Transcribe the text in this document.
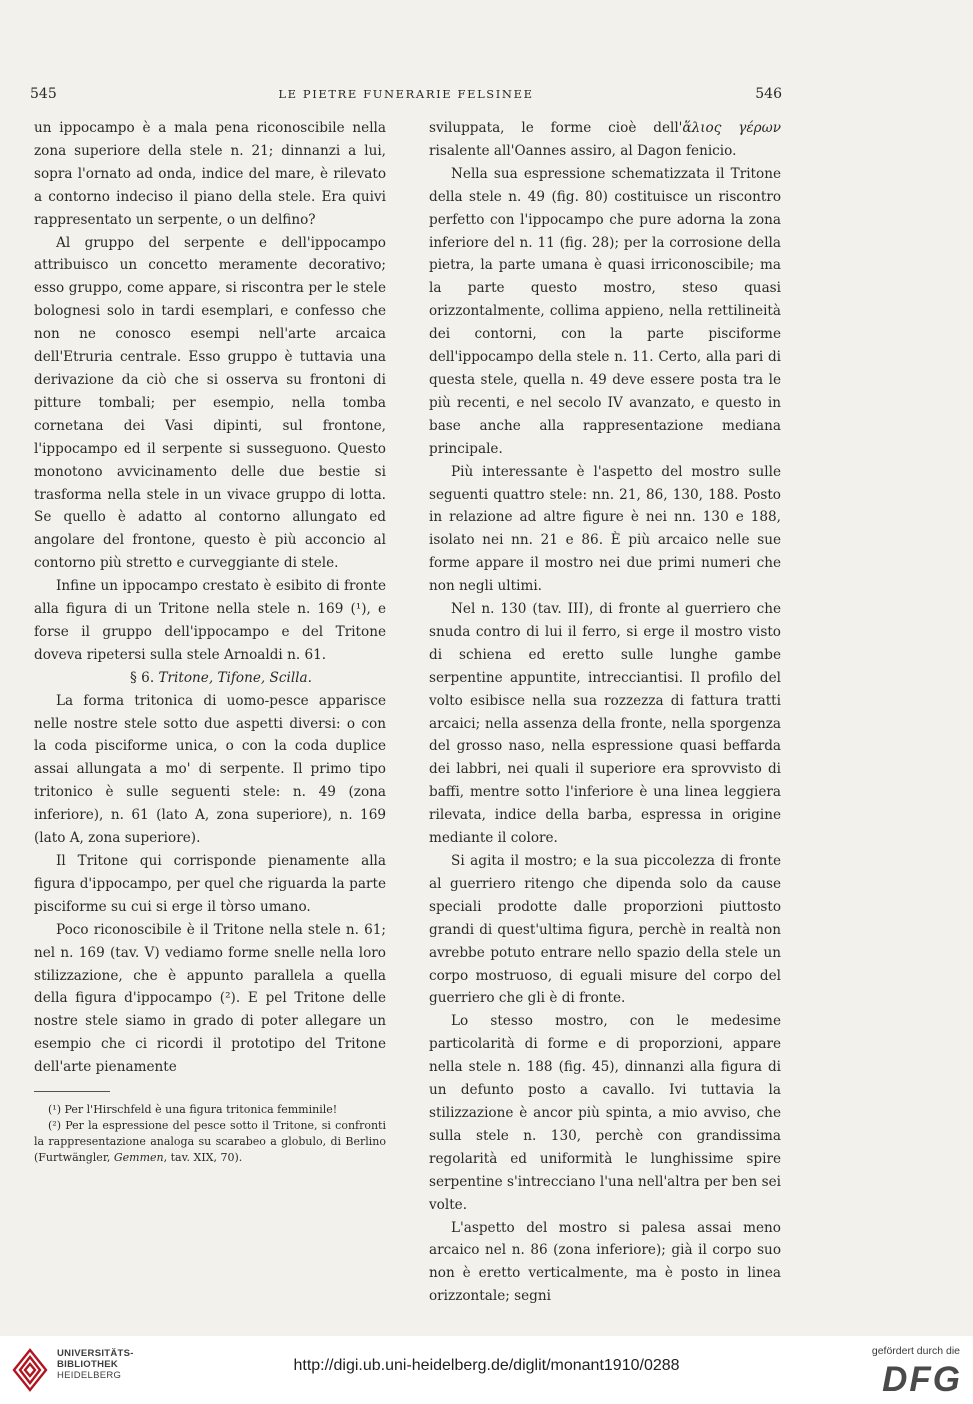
545	LE PIETRE FUNERARIE FELSINEE	546

un ippocampo è a mala pena riconoscibile nella zona superiore della stele n. 21; dinnanzi a lui, sopra l'ornato ad onda, indice del mare, è rilevato a contorno indeciso il piano della stele. Era quivi rappresentato un serpente, o un delfino?

Al gruppo del serpente e dell'ippocampo attribuisco un concetto meramente decorativo; esso gruppo, come appare, si riscontra per le stele bolognesi solo in tardi esemplari, e confesso che non ne conosco esempi nell'arte arcaica dell'Etruria centrale. Esso gruppo è tuttavia una derivazione da ciò che si osserva su frontoni di pitture tombali; per esempio, nella tomba cornetana dei Vasi dipinti, sul frontone, l'ippocampo ed il serpente si susseguono. Questo monotono avvicinamento delle due bestie si trasforma nella stele in un vivace gruppo di lotta. Se quello è adatto al contorno allungato ed angolare del frontone, questo è più acconcio al contorno più stretto e curveggiante di stele.

Infine un ippocampo crestato è esibito di fronte alla figura di un Tritone nella stele n. 169 (¹), e forse il gruppo dell'ippocampo e del Tritone doveva ripetersi sulla stele Arnoaldi n. 61.

§ 6. Tritone, Tifone, Scilla.

La forma tritonica di uomo-pesce apparisce nelle nostre stele sotto due aspetti diversi: o con la coda pisciforme unica, o con la coda duplice assai allungata a mo' di serpente. Il primo tipo tritonico è sulle seguenti stele: n. 49 (zona inferiore), n. 61 (lato A, zona superiore), n. 169 (lato A, zona superiore).

Il Tritone qui corrisponde pienamente alla figura d'ippocampo, per quel che riguarda la parte pisciforme su cui si erge il tòrso umano.

Poco riconoscibile è il Tritone nella stele n. 61; nel n. 169 (tav. V) vediamo forme snelle nella loro stilizzazione, che è appunto parallela a quella della figura d'ippocampo (²). E pel Tritone delle nostre stele siamo in grado di poter allegare un esempio che ci ricordi il prototipo del Tritone dell'arte pienamente

(¹) Per l'Hirschfeld è una figura tritonica femminile!

(²) Per la espressione del pesce sotto il Tritone, si confronti la rappresentazione analoga su scarabeo a globulo, di Berlino (Furtwängler, Gemmen, tav. XIX, 70).

sviluppata, le forme cioè dell'ἅλιος γέρων risalente all'Oannes assiro, al Dagon fenicio.

Nella sua espressione schematizzata il Tritone della stele n. 49 (fig. 80) costituisce un riscontro perfetto con l'ippocampo che pure adorna la zona inferiore del n. 11 (fig. 28); per la corrosione della pietra, la parte umana è quasi irriconoscibile; ma la parte questo mostro, steso quasi orizzontalmente, collima appieno, nella rettilineità dei contorni, con la parte pisciforme dell'ippocampo della stele n. 11. Certo, alla pari di questa stele, quella n. 49 deve essere posta tra le più recenti, e nel secolo IV avanzato, e questo in base anche alla rappresentazione mediana principale.

Più interessante è l'aspetto del mostro sulle seguenti quattro stele: nn. 21, 86, 130, 188. Posto in relazione ad altre figure è nei nn. 130 e 188, isolato nei nn. 21 e 86. È più arcaico nelle sue forme appare il mostro nei due primi numeri che non negli ultimi.

Nel n. 130 (tav. III), di fronte al guerriero che snuda contro di lui il ferro, si erge il mostro visto di schiena ed eretto sulle lunghe gambe serpentine appuntite, intrecciantisi. Il profilo del volto esibisce nella sua rozzezza di fattura tratti arcaici; nella assenza della fronte, nella sporgenza del grosso naso, nella espressione quasi beffarda dei labbri, nei quali il superiore era sprovvisto di baffi, mentre sotto l'inferiore è una linea leggiera rilevata, indice della barba, espressa in origine mediante il colore.

Si agita il mostro; e la sua piccolezza di fronte al guerriero ritengo che dipenda solo da cause speciali prodotte dalle proporzioni piuttosto grandi di quest'ultima figura, perchè in realtà non avrebbe potuto entrare nello spazio della stele un corpo mostruoso, di eguali misure del corpo del guerriero che gli è di fronte.

Lo stesso mostro, con le medesime particolarità di forme e di proporzioni, appare nella stele n. 188 (fig. 45), dinnanzi alla figura di un defunto posto a cavallo. Ivi tuttavia la stilizzazione è ancor più spinta, a mio avviso, che sulla stele n. 130, perchè con grandissima regolarità ed uniformità le lunghissime spire serpentine s'intrecciano l'una nell'altra per ben sei volte.

L'aspetto del mostro si palesa assai meno arcaico nel n. 86 (zona inferiore); già il corpo suo non è eretto verticalmente, ma è posto in linea orizzontale; segni

UNIVERSITÄTS-
BIBLIOTHEK
HEIDELBERG
http://digi.ub.uni-heidelberg.de/diglit/monant1910/0288
gefördert durch die
DFG
